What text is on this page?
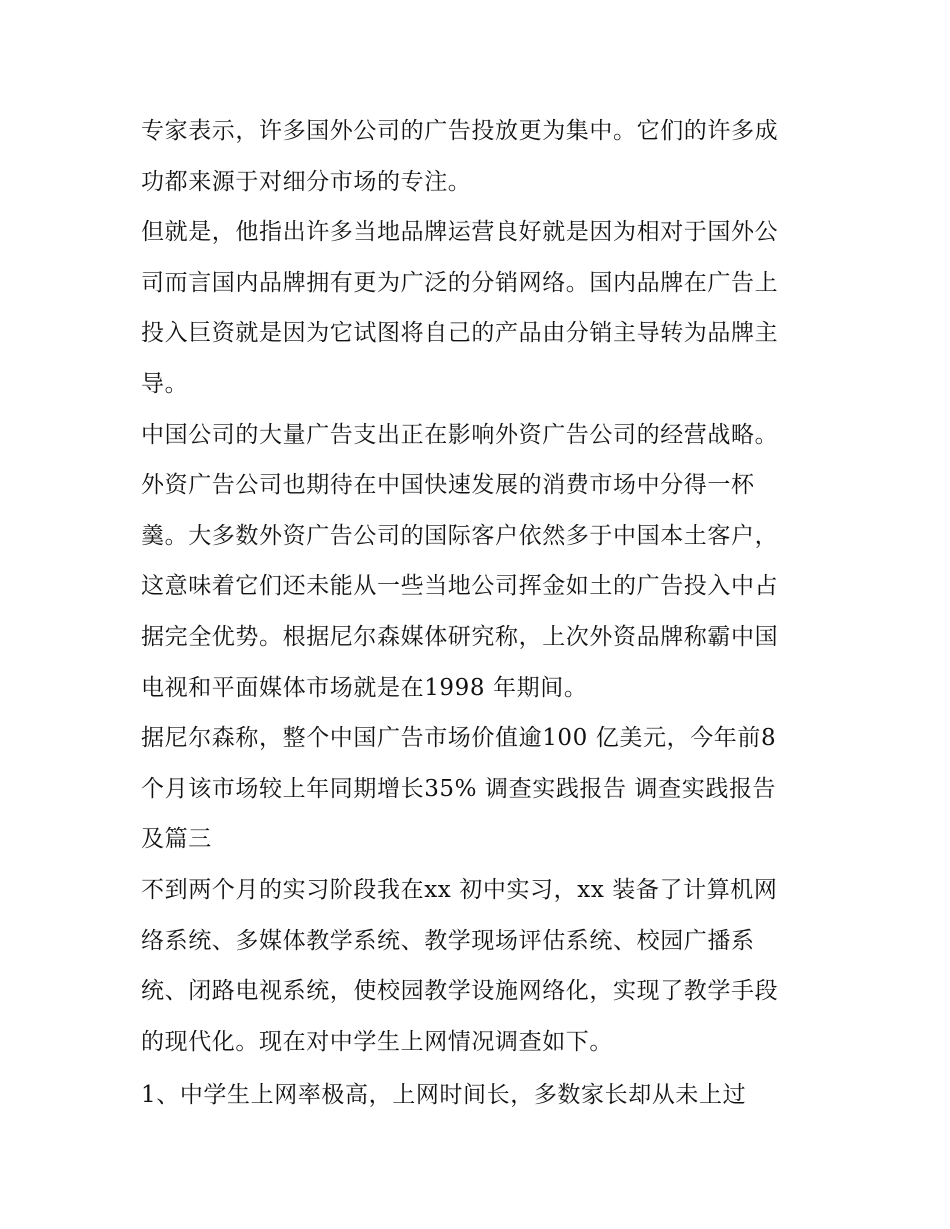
专家表示，许多国外公司的广告投放更为集中。它们的许多成
功都来源于对细分市场的专注。
但就是，他指出许多当地品牌运营良好就是因为相对于国外公
司而言国内品牌拥有更为广泛的分销网络。国内品牌在广告上
投入巨资就是因为它试图将自己的产品由分销主导转为品牌主
导。
中国公司的大量广告支出正在影响外资广告公司的经营战略。
外资广告公司也期待在中国快速发展的消费市场中分得一杯
羹。大多数外资广告公司的国际客户依然多于中国本土客户，
这意味着它们还未能从一些当地公司挥金如土的广告投入中占
据完全优势。根据尼尔森媒体研究称，上次外资品牌称霸中国
电视和平面媒体市场就是在1998 年期间。
据尼尔森称，整个中国广告市场价值逾100 亿美元，今年前8
个月该市场较上年同期增长35% 调查实践报告 调查实践报告
及篇三
不到两个月的实习阶段我在xx 初中实习，xx 装备了计算机网
络系统、多媒体教学系统、教学现场评估系统、校园广播系
统、闭路电视系统，使校园教学设施网络化，实现了教学手段
的现代化。现在对中学生上网情况调查如下。
1、中学生上网率极高，上网时间长，多数家长却从未上过
